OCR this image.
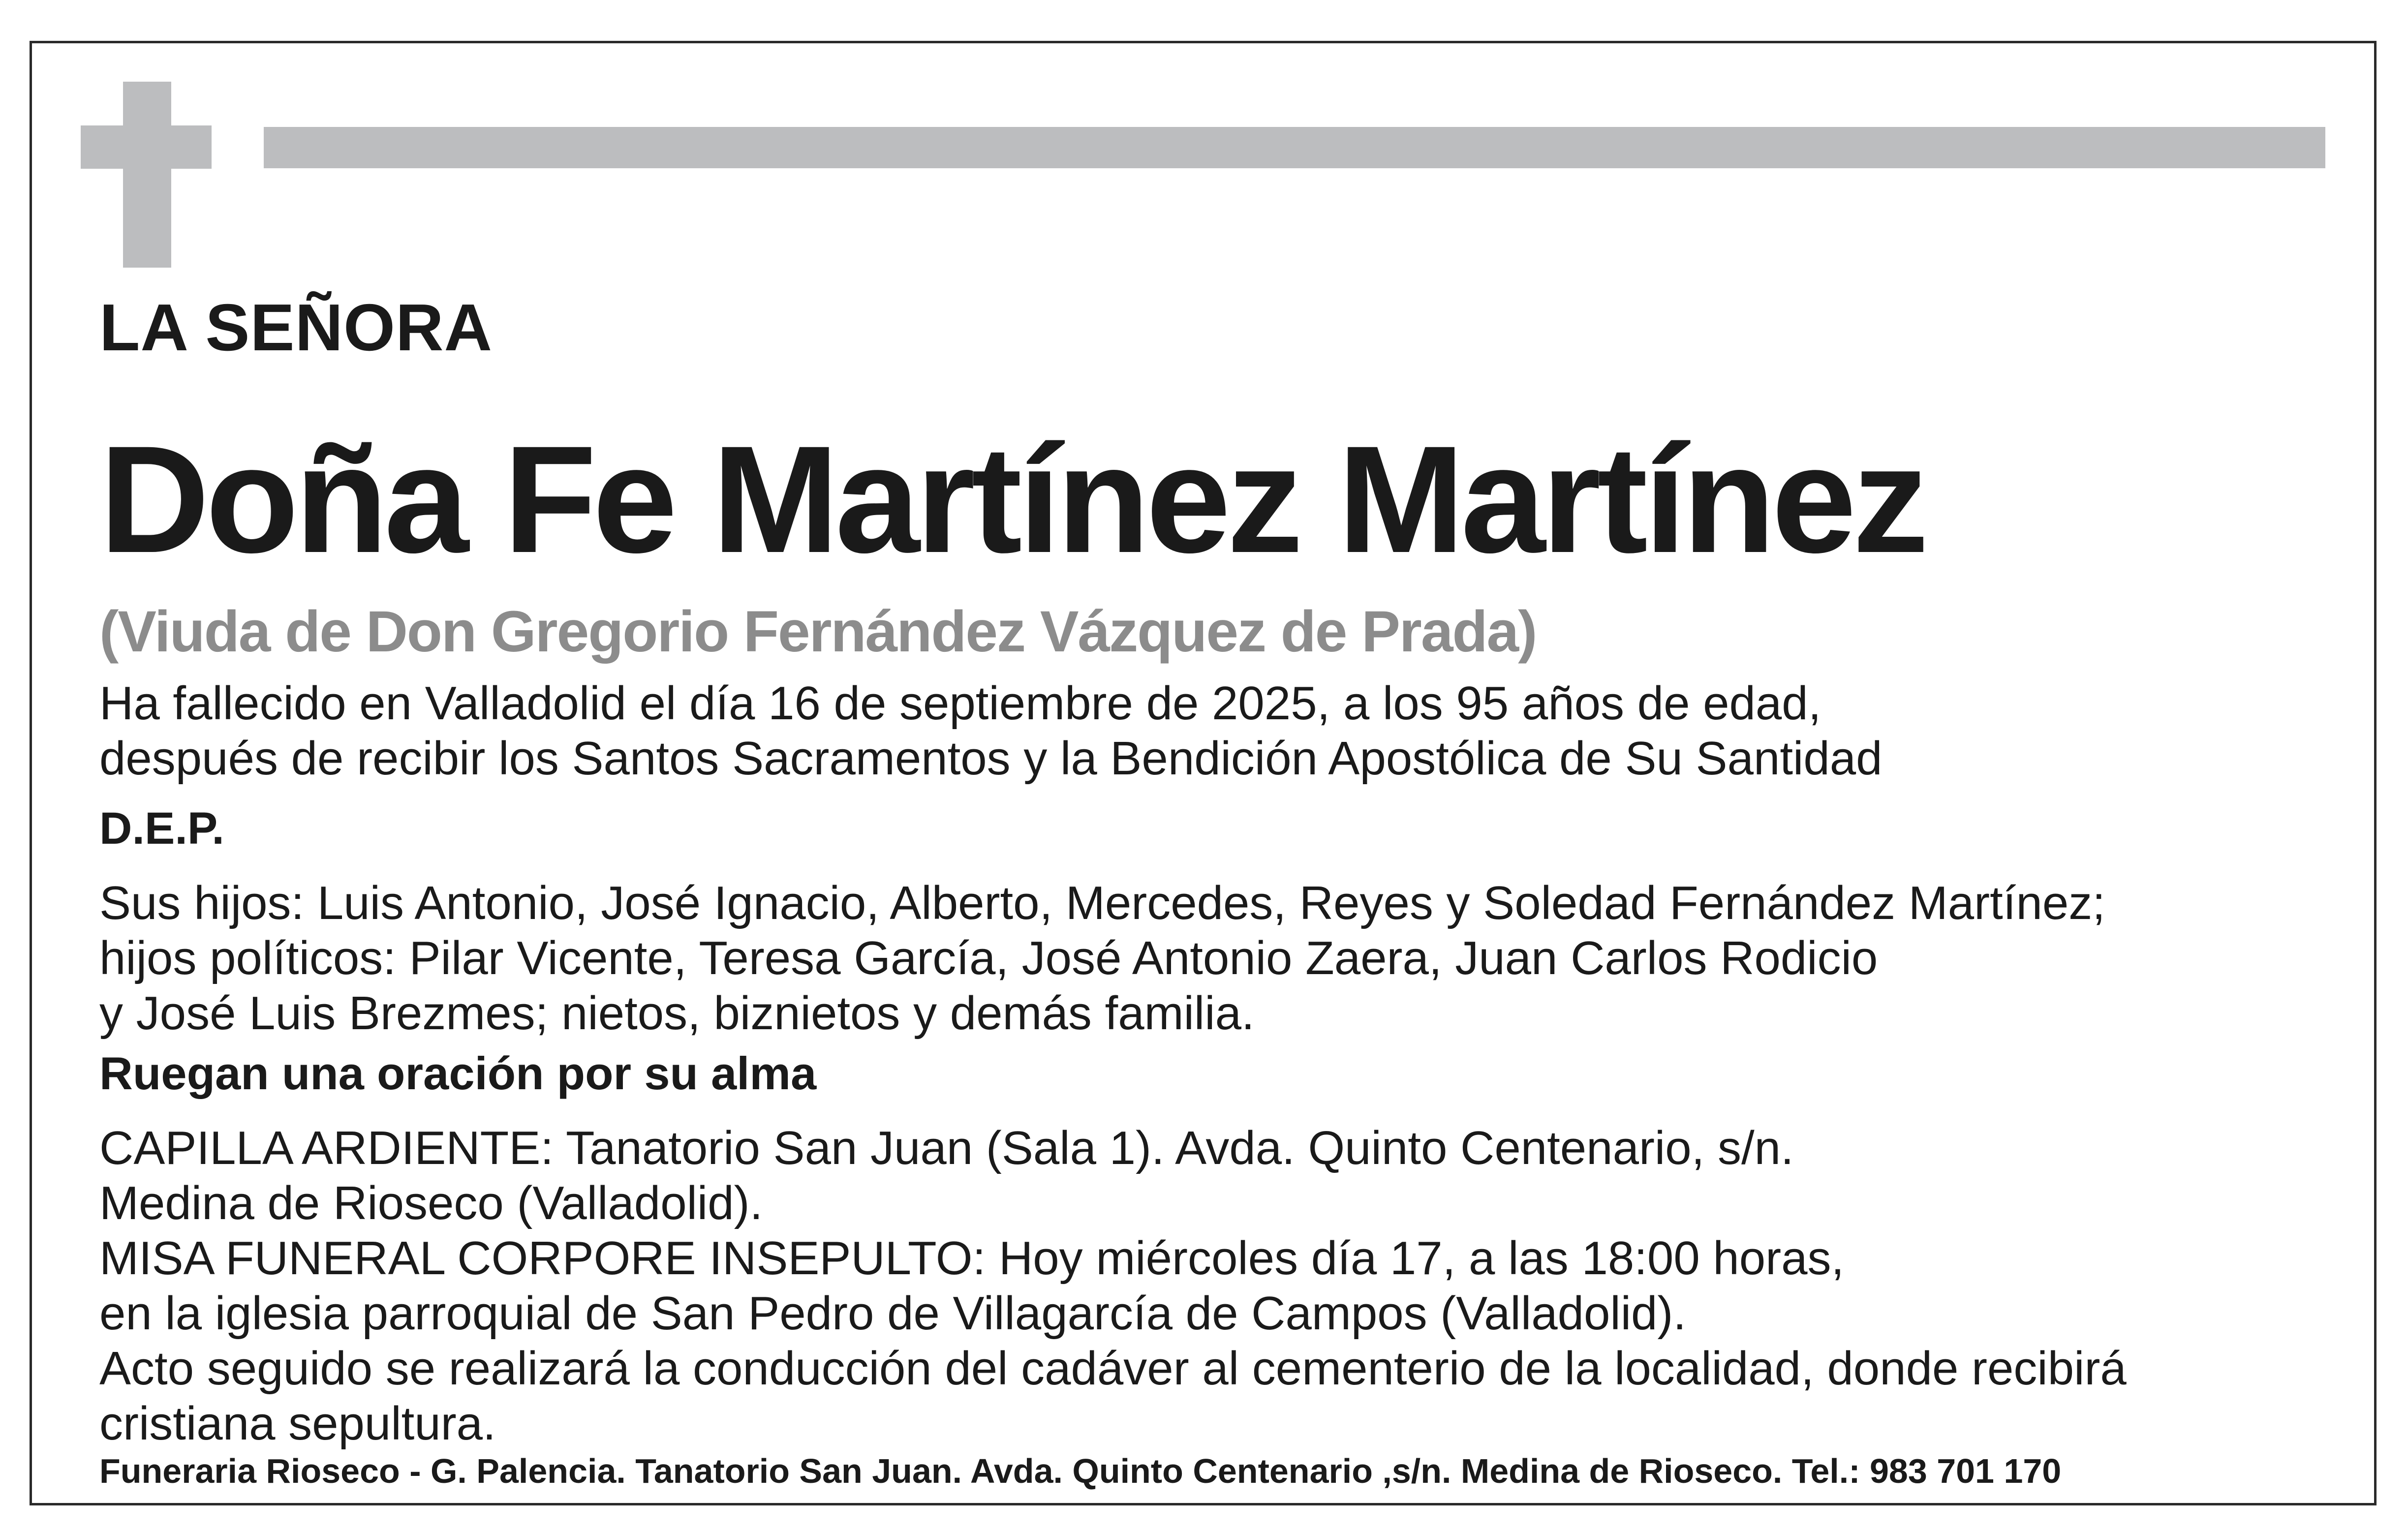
LA SEÑORA

Doña Fe Martínez Martínez

(Viuda de Don Gregorio Fernández Vázquez de Prada)

Ha fallecido en Valladolid el día 16 de septiembre de 2025, a los 95 años de edad,
después de recibir los Santos Sacramentos y la Bendición Apostólica de Su Santidad

D.E.P.

Sus hijos: Luis Antonio, José Ignacio, Alberto, Mercedes, Reyes y Soledad Fernández Martínez;
hijos políticos: Pilar Vicente, Teresa García, José Antonio Zaera, Juan Carlos Rodicio
y José Luis Brezmes; nietos, biznietos y demás familia.

Ruegan una oración por su alma

CAPILLA ARDIENTE: Tanatorio San Juan (Sala 1). Avda. Quinto Centenario, s/n.
Medina de Rioseco (Valladolid).
MISA FUNERAL CORPORE INSEPULTO: Hoy miércoles día 17, a las 18:00 horas,
en la iglesia parroquial de San Pedro de Villagarcía de Campos (Valladolid).
Acto seguido se realizará la conducción del cadáver al cementerio de la localidad, donde recibirá
cristiana sepultura.

Funeraria Rioseco - G. Palencia. Tanatorio San Juan. Avda. Quinto Centenario ,s/n. Medina de Rioseco. Tel.: 983 701 170
